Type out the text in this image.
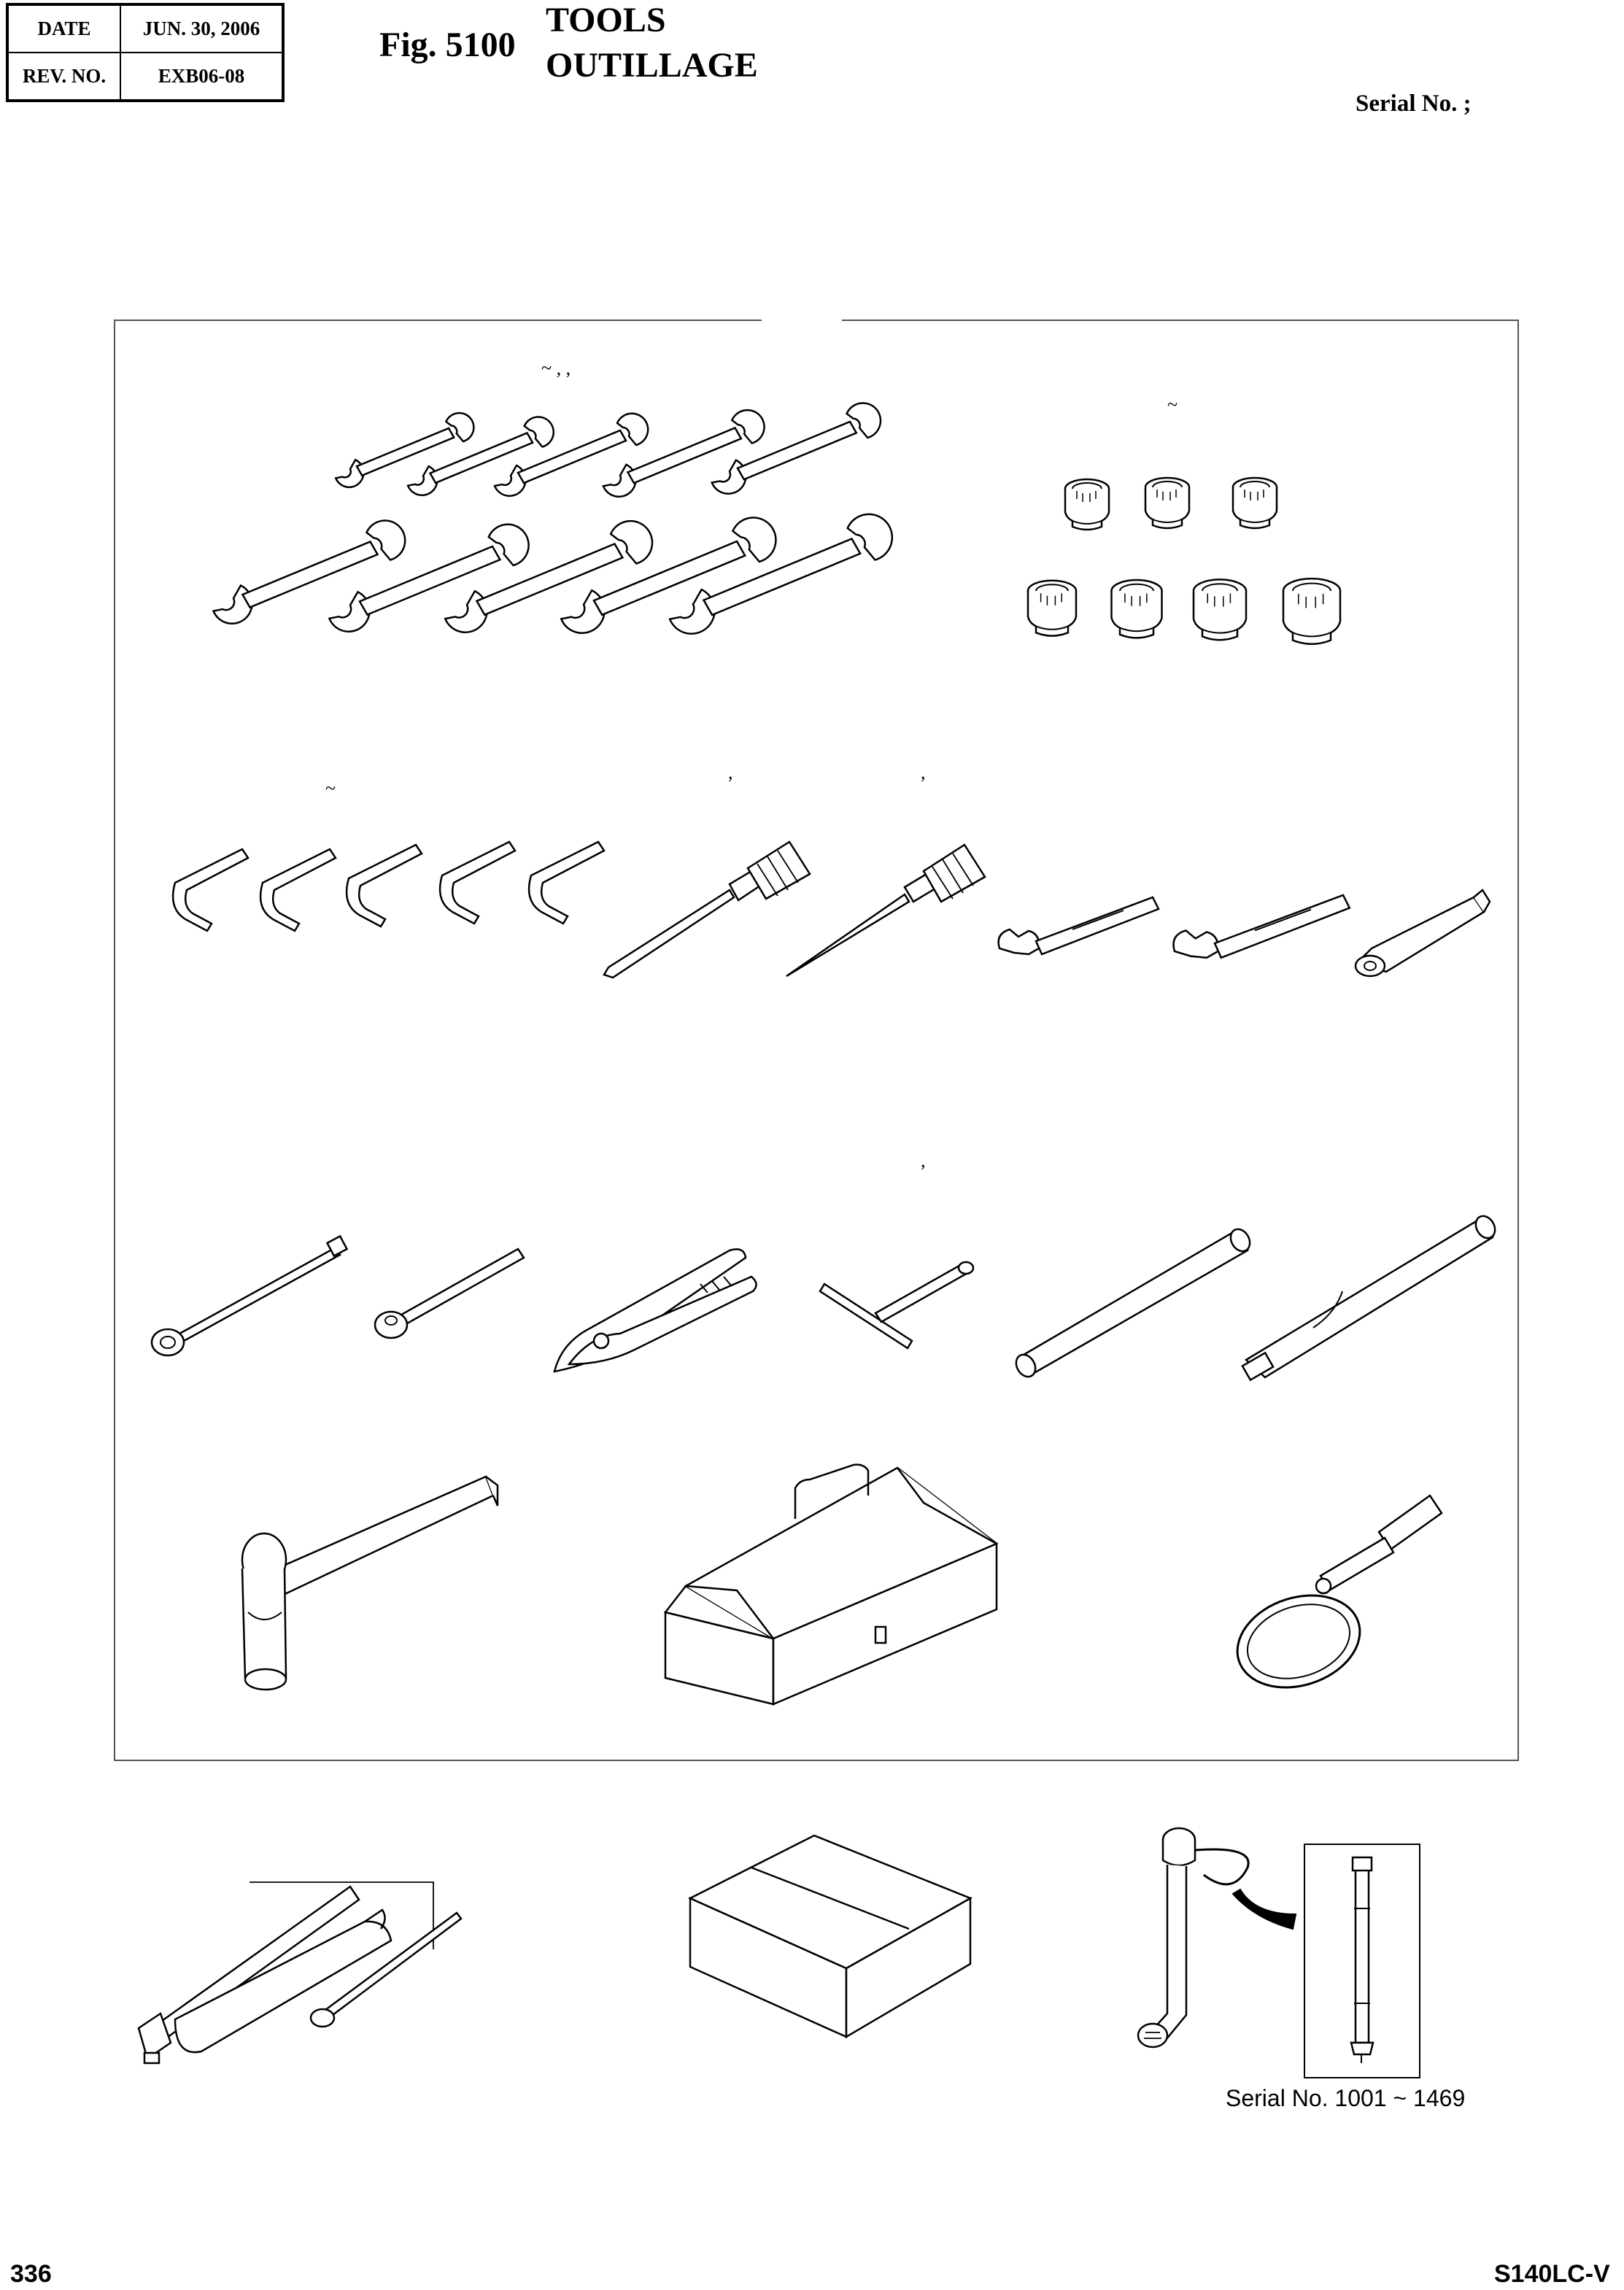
DATE	JUN. 30, 2006
REV. NO.	EXB06-08
Fig. 5100
TOOLS
OUTILLAGE
Serial No. ;
~ , ,
~
~
,	,
,
Serial No. 1001 ~ 1469
336	S140LC-V
